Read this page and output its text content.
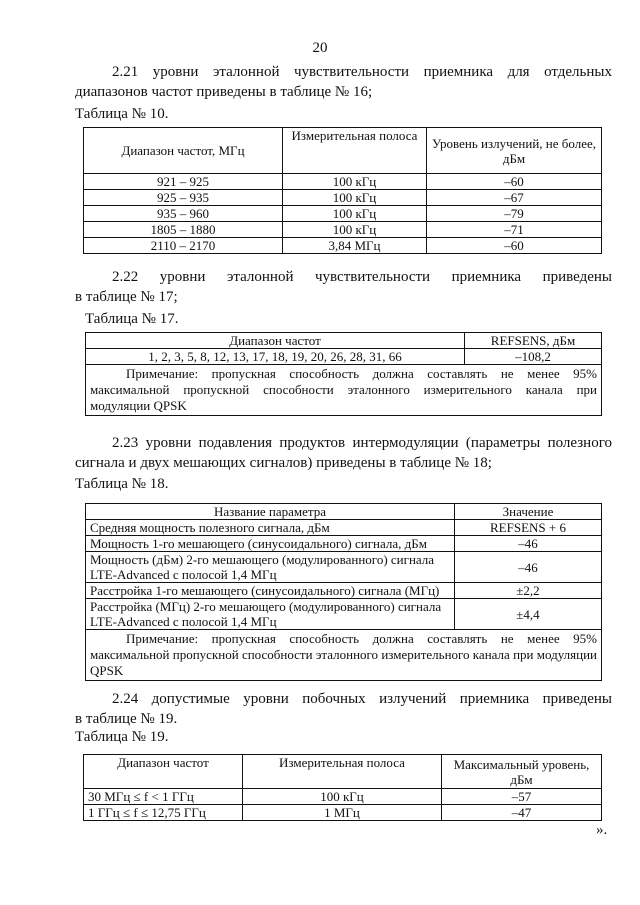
20
2.21 уровни эталонной чувствительности приемника для отдельных
диапазонов частот приведены в таблице № 16;
Таблица № 10.
Диапазон частот, МГц	Измерительная полоса	Уровень излучений, не более, дБм
921 – 925	100 кГц	–60
925 – 935	100 кГц	–67
935 – 960	100 кГц	–79
1805 – 1880	100 кГц	–71
2110 – 2170	3,84 МГц	–60
2.22 уровни эталонной чувствительности приемника приведены
в таблице № 17;
Таблица № 17.
Диапазон частот	REFSENS, дБм
1, 2, 3, 5, 8, 12, 13, 17, 18, 19, 20, 26, 28, 31, 66	–108,2

Примечание: пропускная способность должна составлять не менее 95%
максимальной пропускной способности эталонного измерительного канала при
модуляции QPSK	
2.23 уровни подавления продуктов интермодуляции (параметры полезного
сигнала и двух мешающих сигналов) приведены в таблице № 18;
Таблица № 18.
Название параметра	Значение
Средняя мощность полезного сигнала, дБм	REFSENS + 6
Мощность 1-го мешающего (синусоидального) сигнала, дБм	–46
Мощность (дБм) 2-го мешающего (модулированного) сигнала LTE-Advanced с полосой 1,4 МГц	–46
Расстройка 1-го мешающего (синусоидального) сигнала (МГц)	±2,2
Расстройка (МГц) 2-го мешающего (модулированного) сигнала LTE-Advanced с полосой 1,4 МГц	±4,4

Примечание: пропускная способность должна составлять не менее 95%
максимальной пропускной способности эталонного измерительного канала при модуляции
QPSK	
2.24 допустимые уровни побочных излучений приемника приведены
в таблице № 19.
Таблица № 19.
Диапазон частот	Измерительная полоса	Максимальный уровень, дБм
30 МГц ≤ f < 1 ГГц	100 кГц	–57
1 ГГц ≤ f ≤ 12,75 ГГц	1 МГц	–47
».
